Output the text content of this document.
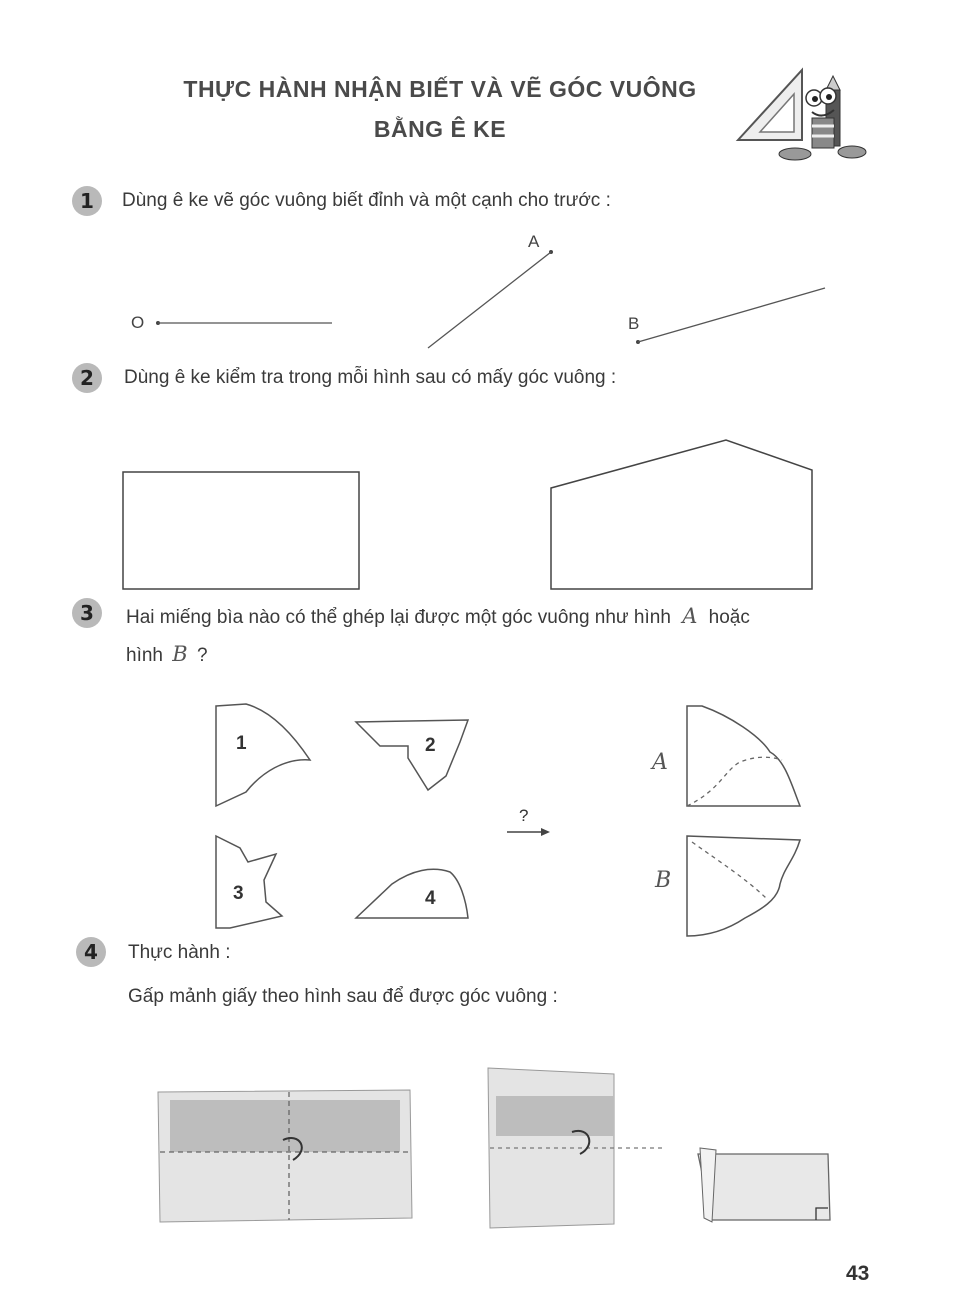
THỰC HÀNH NHẬN BIẾT VÀ VẼ GÓC VUÔNG
BẰNG Ê KE
1	Dùng ê ke vẽ góc vuông biết đỉnh và một cạnh cho trước :
O
A
B
2	Dùng ê ke kiểm tra trong mỗi hình sau có mấy góc vuông :
3	Hai miếng bìa nào có thể ghép lại được một góc vuông như hình A hoặc
hình B ?
1	2
3	4
?
A
B
4	Thực hành :
Gấp mảnh giấy theo hình sau để được góc vuông :
43
